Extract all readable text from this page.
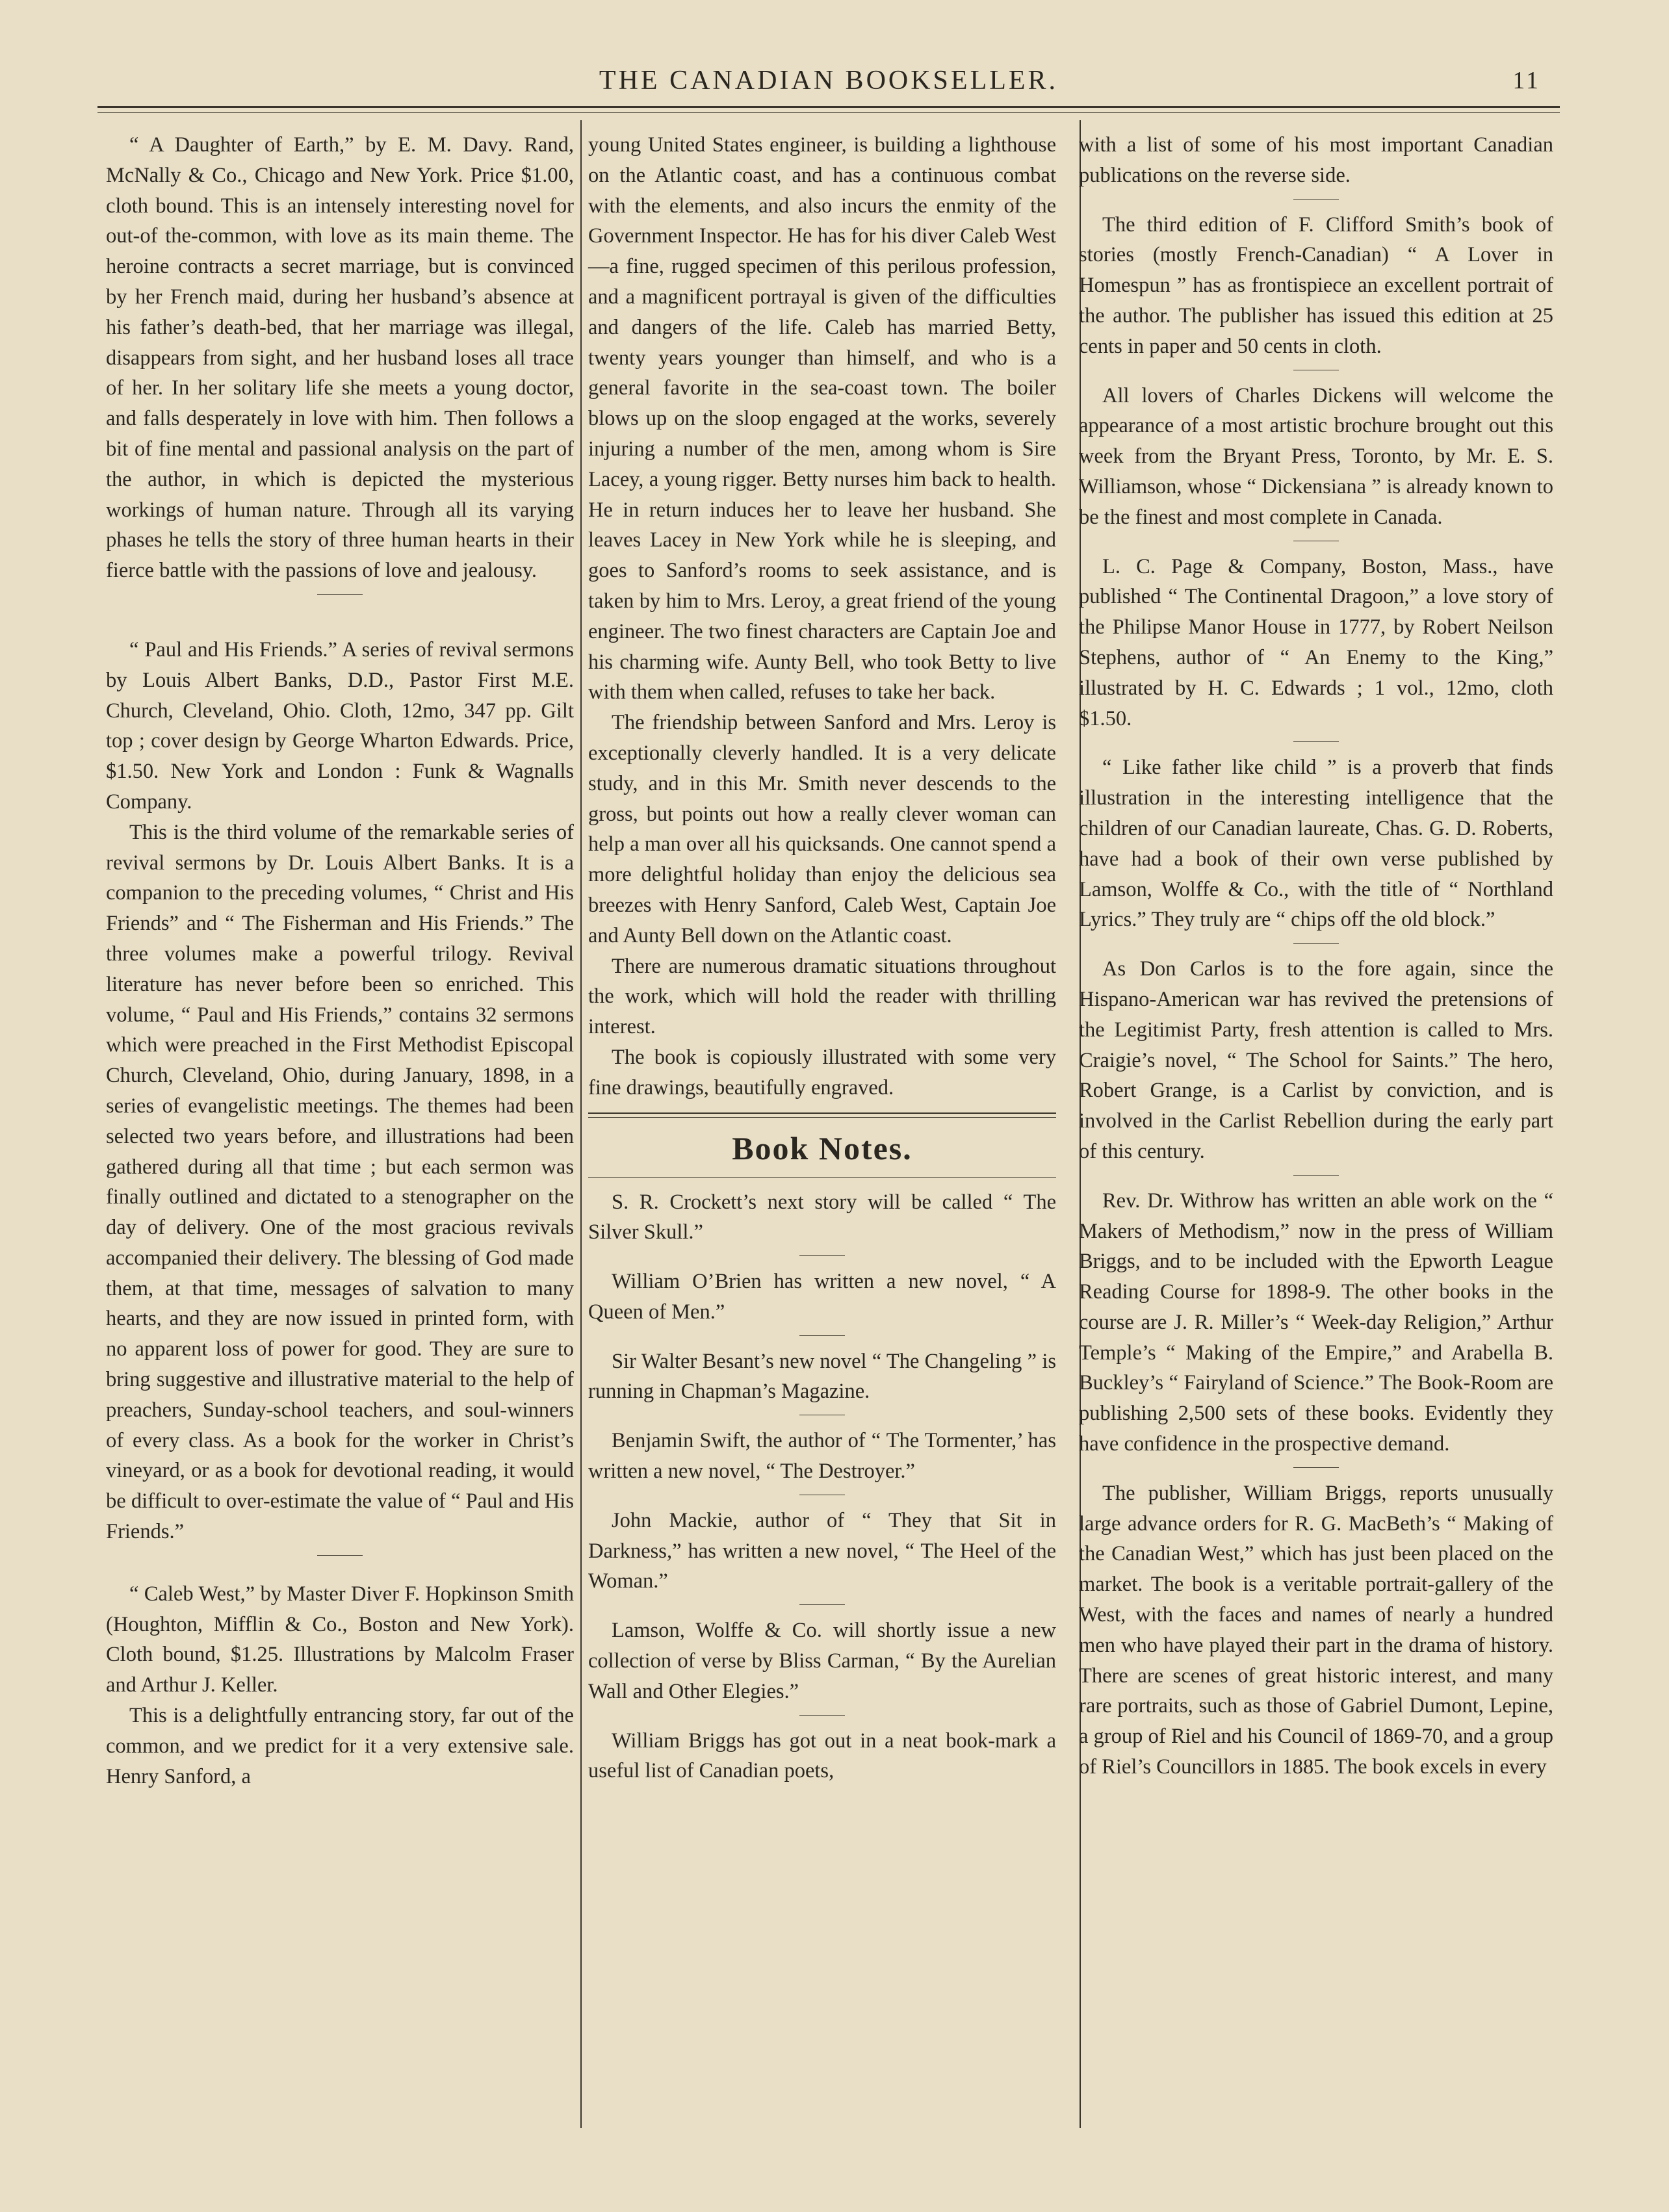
THE CANADIAN BOOKSELLER.	11

“ A Daughter of Earth,” by E. M. Davy. Rand, McNally & Co., Chicago and New York. Price $1.00, cloth bound. This is an intensely interesting novel for out-of the-common, with love as its main theme. The heroine contracts a secret marriage, but is convinced by her French maid, during her husband’s absence at his father’s death-bed, that her marriage was illegal, disappears from sight, and her husband loses all trace of her. In her solitary life she meets a young doctor, and falls desperately in love with him. Then follows a bit of fine mental and passional analysis on the part of the author, in which is depicted the mysterious workings of human nature. Through all its varying phases he tells the story of three human hearts in their fierce battle with the passions of love and jealousy.

“ Paul and His Friends.” A series of revival sermons by Louis Albert Banks, D.D., Pastor First M.E. Church, Cleveland, Ohio. Cloth, 12mo, 347 pp. Gilt top ; cover design by George Wharton Edwards. Price, $1.50. New York and London : Funk & Wagnalls Company.

This is the third volume of the remarkable series of revival sermons by Dr. Louis Albert Banks. It is a companion to the preceding volumes, “ Christ and His Friends” and “ The Fisherman and His Friends.” The three volumes make a powerful trilogy. Revival literature has never before been so enriched. This volume, “ Paul and His Friends,” contains 32 sermons which were preached in the First Methodist Episcopal Church, Cleveland, Ohio, during January, 1898, in a series of evangelistic meetings. The themes had been selected two years before, and illustrations had been gathered during all that time ; but each sermon was finally outlined and dictated to a stenographer on the day of delivery. One of the most gracious revivals accompanied their delivery. The blessing of God made them, at that time, messages of salvation to many hearts, and they are now issued in printed form, with no apparent loss of power for good. They are sure to bring suggestive and illustrative material to the help of preachers, Sunday-school teachers, and soul-winners of every class. As a book for the worker in Christ’s vineyard, or as a book for devotional reading, it would be difficult to over-estimate the value of “ Paul and His Friends.”

“ Caleb West,” by Master Diver F. Hopkinson Smith (Houghton, Mifflin & Co., Boston and New York). Cloth bound, $1.25. Illustrations by Malcolm Fraser and Arthur J. Keller.

This is a delightfully entrancing story, far out of the common, and we predict for it a very extensive sale. Henry Sanford, a

young United States engineer, is building a lighthouse on the Atlantic coast, and has a continuous combat with the elements, and also incurs the enmity of the Government Inspector. He has for his diver Caleb West—a fine, rugged specimen of this perilous profession, and a magnificent portrayal is given of the difficulties and dangers of the life. Caleb has married Betty, twenty years younger than himself, and who is a general favorite in the sea-coast town. The boiler blows up on the sloop engaged at the works, severely injuring a number of the men, among whom is Sire Lacey, a young rigger. Betty nurses him back to health. He in return induces her to leave her husband. She leaves Lacey in New York while he is sleeping, and goes to Sanford’s rooms to seek assistance, and is taken by him to Mrs. Leroy, a great friend of the young engineer. The two finest characters are Captain Joe and his charming wife. Aunty Bell, who took Betty to live with them when called, refuses to take her back.

The friendship between Sanford and Mrs. Leroy is exceptionally cleverly handled. It is a very delicate study, and in this Mr. Smith never descends to the gross, but points out how a really clever woman can help a man over all his quicksands. One cannot spend a more delightful holiday than enjoy the delicious sea breezes with Henry Sanford, Caleb West, Captain Joe and Aunty Bell down on the Atlantic coast.

There are numerous dramatic situations throughout the work, which will hold the reader with thrilling interest.

The book is copiously illustrated with some very fine drawings, beautifully engraved.

Book Notes.

S. R. Crockett’s next story will be called “ The Silver Skull.”

William O’Brien has written a new novel, “ A Queen of Men.”

Sir Walter Besant’s new novel “ The Changeling ” is running in Chapman’s Magazine.

Benjamin Swift, the author of “ The Tormenter,’ has written a new novel, “ The Destroyer.”

John Mackie, author of “ They that Sit in Darkness,” has written a new novel, “ The Heel of the Woman.”

Lamson, Wolffe & Co. will shortly issue a new collection of verse by Bliss Carman, “ By the Aurelian Wall and Other Elegies.”

William Briggs has got out in a neat book-mark a useful list of Canadian poets,

with a list of some of his most important Canadian publications on the reverse side.

The third edition of F. Clifford Smith’s book of stories (mostly French-Canadian) “ A Lover in Homespun ” has as frontispiece an excellent portrait of the author. The publisher has issued this edition at 25 cents in paper and 50 cents in cloth.

All lovers of Charles Dickens will welcome the appearance of a most artistic brochure brought out this week from the Bryant Press, Toronto, by Mr. E. S. Williamson, whose “ Dickensiana ” is already known to be the finest and most complete in Canada.

L. C. Page & Company, Boston, Mass., have published “ The Continental Dragoon,” a love story of the Philipse Manor House in 1777, by Robert Neilson Stephens, author of “ An Enemy to the King,” illustrated by H. C. Edwards ; 1 vol., 12mo, cloth $1.50.

“ Like father like child ” is a proverb that finds illustration in the interesting intelligence that the children of our Canadian laureate, Chas. G. D. Roberts, have had a book of their own verse published by Lamson, Wolffe & Co., with the title of “ Northland Lyrics.” They truly are “ chips off the old block.”

As Don Carlos is to the fore again, since the Hispano-American war has revived the pretensions of the Legitimist Party, fresh attention is called to Mrs. Craigie’s novel, “ The School for Saints.” The hero, Robert Grange, is a Carlist by conviction, and is involved in the Carlist Rebellion during the early part of this century.

Rev. Dr. Withrow has written an able work on the “ Makers of Methodism,” now in the press of William Briggs, and to be included with the Epworth League Reading Course for 1898-9. The other books in the course are J. R. Miller’s “ Week-day Religion,” Arthur Temple’s “ Making of the Empire,” and Arabella B. Buckley’s “ Fairyland of Science.” The Book-Room are publishing 2,500 sets of these books. Evidently they have confidence in the prospective demand.

The publisher, William Briggs, reports unusually large advance orders for R. G. MacBeth’s “ Making of the Canadian West,” which has just been placed on the market. The book is a veritable portrait-gallery of the West, with the faces and names of nearly a hundred men who have played their part in the drama of history. There are scenes of great historic interest, and many rare portraits, such as those of Gabriel Dumont, Lepine, a group of Riel and his Council of 1869-70, and a group of Riel’s Councillors in 1885. The book excels in every
